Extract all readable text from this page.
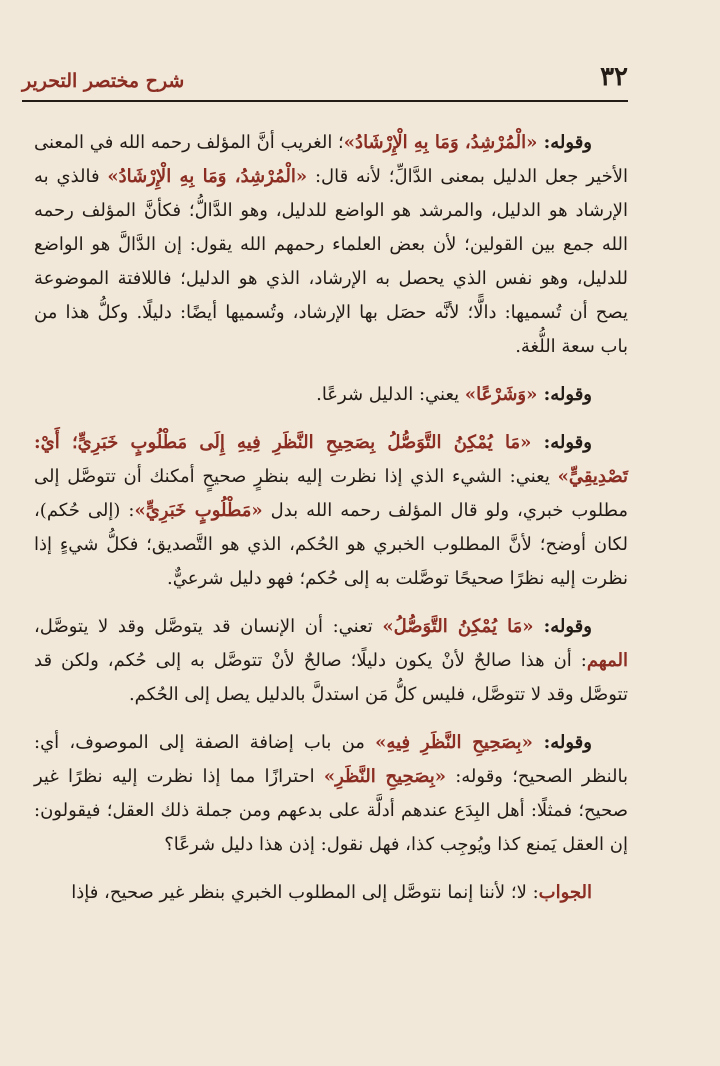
٣٢
شرح مختصر التحرير

وقوله: «الْمُرْشِدُ، وَمَا بِهِ الْإِرْشَادُ»؛ الغريب أنَّ المؤلف رحمه الله في المعنى الأخير جعل الدليل بمعنى الدَّالِّ؛ لأنه قال: «الْمُرْشِدُ، وَمَا بِهِ الْإِرْشَادُ» فالذي به الإرشاد هو الدليل، والمرشد هو الواضع للدليل، وهو الدَّالُّ؛ فكأنَّ المؤلف رحمه الله جمع بين القولين؛ لأن بعض العلماء رحمهم الله يقول: إن الدَّالَّ هو الواضع للدليل، وهو نفس الذي يحصل به الإرشاد، الذي هو الدليل؛ فاللافتة الموضوعة يصح أن تُسميها: دالًّا؛ لأنَّه حصَل بها الإرشاد، وتُسميها أيضًا: دليلًا. وكلُّ هذا من باب سعة اللُّغة.

وقوله: «وَشَرْعًا» يعني: الدليل شرعًا.

وقوله: «مَا يُمْكِنُ التَّوَصُّلُ بِصَحِيحِ النَّظَرِ فِيهِ إِلَى مَطْلُوبٍ خَبَرِيٍّ؛ أَيْ: تَصْدِيقِيٍّ» يعني: الشيء الذي إذا نظرت إليه بنظرٍ صحيحٍ أمكنك أن تتوصَّل إلى مطلوب خبري، ولو قال المؤلف رحمه الله بدل «مَطْلُوبٍ خَبَرِيٍّ»: (إلى حُكم)، لكان أوضح؛ لأنَّ المطلوب الخبري هو الحُكم، الذي هو التَّصديق؛ فكلُّ شيءٍ إذا نظرت إليه نظرًا صحيحًا توصَّلت به إلى حُكم؛ فهو دليل شرعيٌّ.

وقوله: «مَا يُمْكِنُ التَّوَصُّلُ» تعني: أن الإنسان قد يتوصَّل وقد لا يتوصَّل، المهم: أن هذا صالحٌ لأنْ يكون دليلًا؛ صالحٌ لأنْ تتوصَّل به إلى حُكم، ولكن قد تتوصَّل وقد لا تتوصَّل، فليس كلُّ مَن استدلَّ بالدليل يصل إلى الحُكم.

وقوله: «بِصَحِيحِ النَّظَرِ فِيهِ» من باب إضافة الصفة إلى الموصوف، أي: بالنظر الصحيح؛ وقوله: «بِصَحِيحِ النَّظَرِ» احترازًا مما إذا نظرت إليه نظرًا غير صحيح؛ فمثلًا: أهل البِدَع عندهم أدلَّة على بدعهم ومن جملة ذلك العقل؛ فيقولون: إن العقل يَمنع كذا ويُوجِب كذا، فهل نقول: إذن هذا دليل شرعًا؟

الجواب: لا؛ لأننا إنما نتوصَّل إلى المطلوب الخبري بنظر غير صحيح، فإذا
